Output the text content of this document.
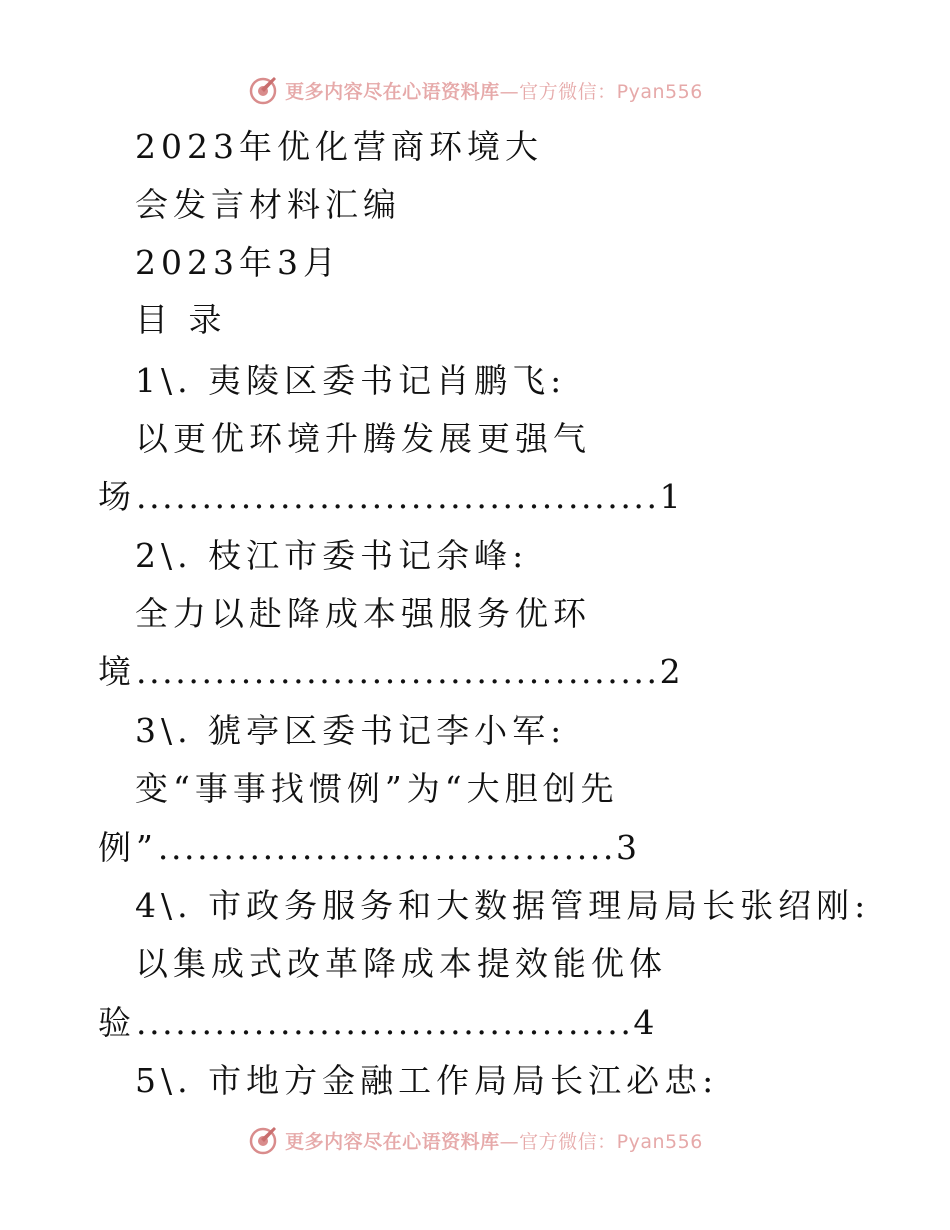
更多内容尽在心语资料库—官方微信：Pyan556
2023年优化营商环境大
会发言材料汇编
2023年3月
目 录
1\. 夷陵区委书记肖鹏飞:
以更优环境升腾发展更强气
场 ........................................ 1
2\. 枝江市委书记余峰:
全力以赴降成本强服务优环
境 ........................................ 2
3\. 猇亭区委书记李小军:
变“事事找惯例”为“大胆创先
例” ................................... 3
4\. 市政务服务和大数据管理局局长张绍刚:
以集成式改革降成本提效能优体
验 ...................................... 4
5\. 市地方金融工作局局长江必忠:
更多内容尽在心语资料库—官方微信：Pyan556
